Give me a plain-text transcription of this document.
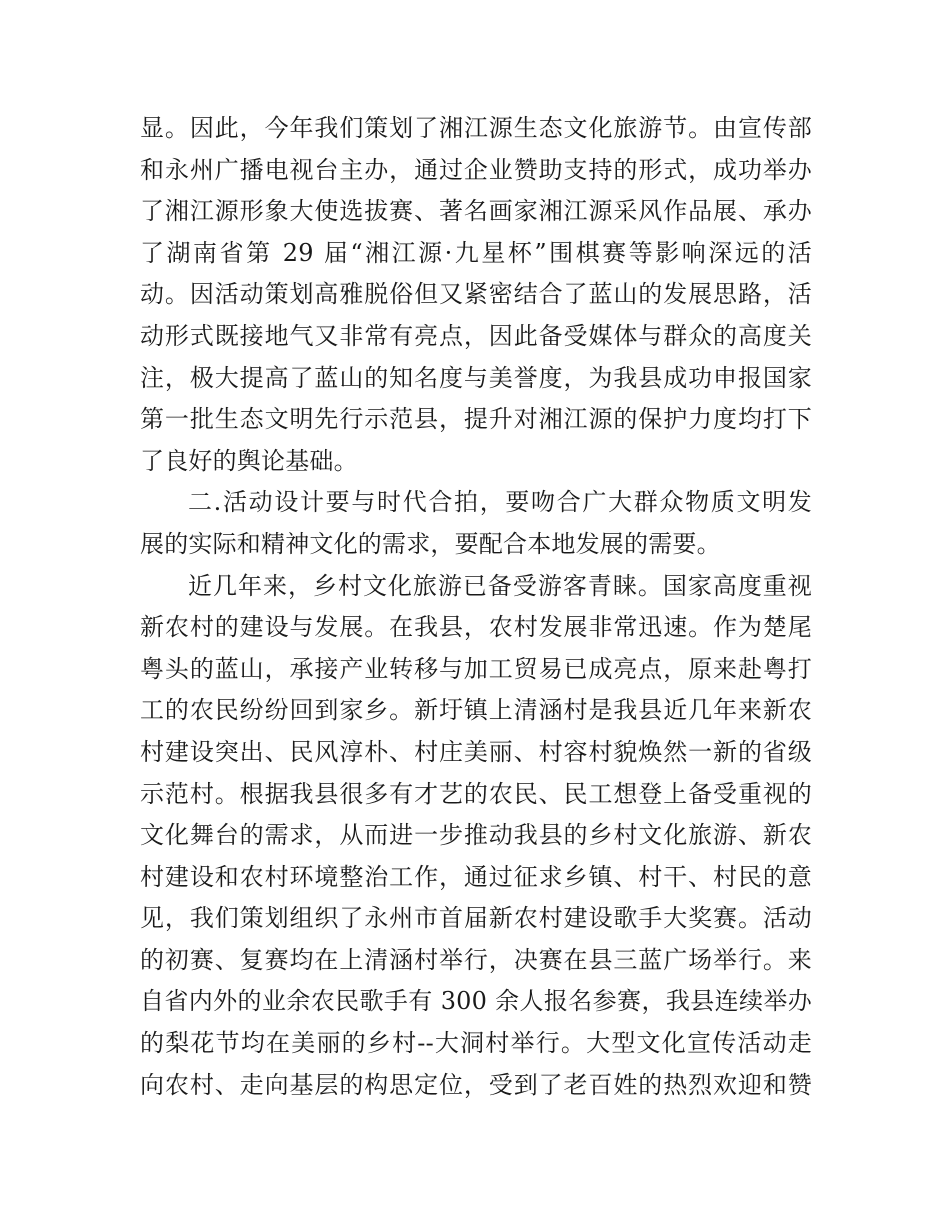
显。因此，今年我们策划了湘江源生态文化旅游节。由宣传部
和永州广播电视台主办，通过企业赞助支持的形式，成功举办
了湘江源形象大使选拔赛、著名画家湘江源采风作品展、承办
了湖南省第 29 届“湘江源·九星杯”围棋赛等影响深远的活
动。因活动策划高雅脱俗但又紧密结合了蓝山的发展思路，活
动形式既接地气又非常有亮点，因此备受媒体与群众的高度关
注，极大提高了蓝山的知名度与美誉度，为我县成功申报国家
第一批生态文明先行示范县，提升对湘江源的保护力度均打下
了良好的舆论基础。
二.活动设计要与时代合拍，要吻合广大群众物质文明发
展的实际和精神文化的需求，要配合本地发展的需要。
近几年来，乡村文化旅游已备受游客青睐。国家高度重视
新农村的建设与发展。在我县，农村发展非常迅速。作为楚尾
粤头的蓝山，承接产业转移与加工贸易已成亮点，原来赴粤打
工的农民纷纷回到家乡。新圩镇上清涵村是我县近几年来新农
村建设突出、民风淳朴、村庄美丽、村容村貌焕然一新的省级
示范村。根据我县很多有才艺的农民、民工想登上备受重视的
文化舞台的需求，从而进一步推动我县的乡村文化旅游、新农
村建设和农村环境整治工作，通过征求乡镇、村干、村民的意
见，我们策划组织了永州市首届新农村建设歌手大奖赛。活动
的初赛、复赛均在上清涵村举行，决赛在县三蓝广场举行。来
自省内外的业余农民歌手有 300 余人报名参赛，我县连续举办
的梨花节均在美丽的乡村--大洞村举行。大型文化宣传活动走
向农村、走向基层的构思定位，受到了老百姓的热烈欢迎和赞
